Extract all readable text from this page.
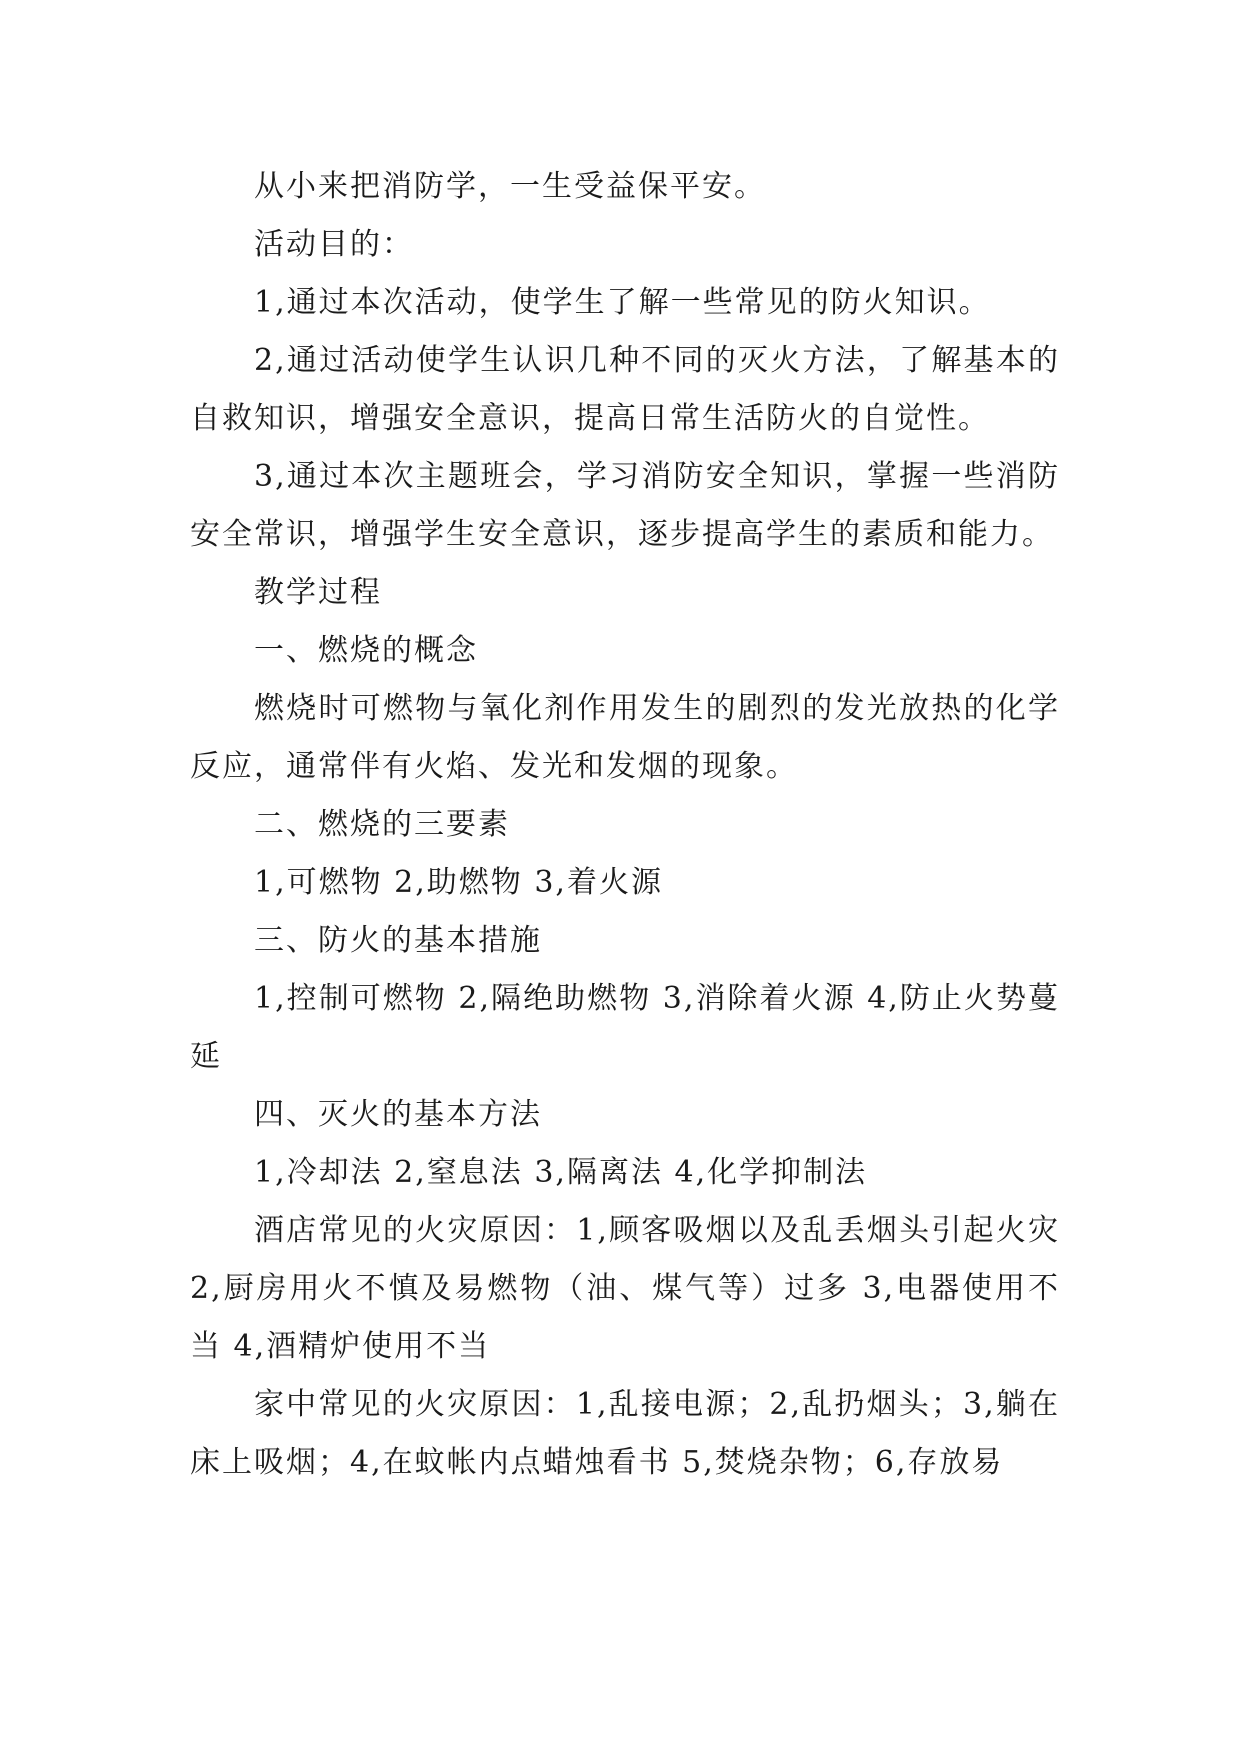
从小来把消防学，一生受益保平安。

活动目的：

1,通过本次活动，使学生了解一些常见的防火知识。

2,通过活动使学生认识几种不同的灭火方法，了解基本的自救知识，增强安全意识，提高日常生活防火的自觉性。

3,通过本次主题班会，学习消防安全知识，掌握一些消防安全常识，增强学生安全意识，逐步提高学生的素质和能力。

教学过程

一、燃烧的概念

燃烧时可燃物与氧化剂作用发生的剧烈的发光放热的化学反应，通常伴有火焰、发光和发烟的现象。

二、燃烧的三要素

1,可燃物 2,助燃物 3,着火源

三、防火的基本措施

1,控制可燃物 2,隔绝助燃物 3,消除着火源 4,防止火势蔓延

四、灭火的基本方法

1,冷却法 2,窒息法 3,隔离法 4,化学抑制法

酒店常见的火灾原因：1,顾客吸烟以及乱丢烟头引起火灾 2,厨房用火不慎及易燃物（油、煤气等）过多 3,电器使用不当 4,酒精炉使用不当

家中常见的火灾原因：1,乱接电源；2,乱扔烟头；3,躺在床上吸烟；4,在蚊帐内点蜡烛看书 5,焚烧杂物；6,存放易
